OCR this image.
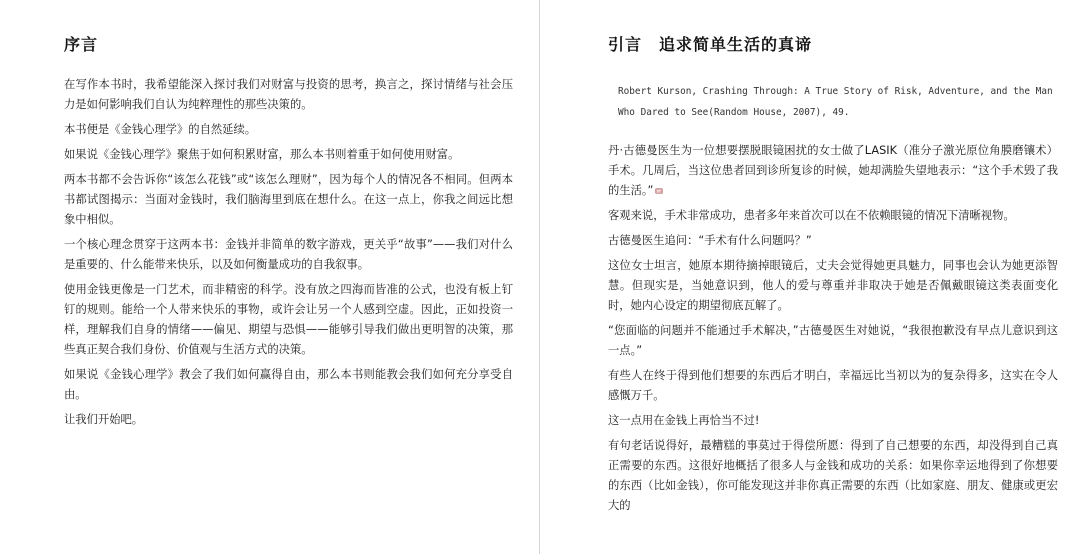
序言

在写作本书时，我希望能深入探讨我们对财富与投资的思考，换言之，探讨情绪与社会压力是如何影响我们自认为纯粹理性的那些决策的。

本书便是《金钱心理学》的自然延续。

如果说《金钱心理学》聚焦于如何积累财富，那么本书则着重于如何使用财富。

两本书都不会告诉你“该怎么花钱”或“该怎么理财”，因为每个人的情况各不相同。但两本书都试图揭示：当面对金钱时，我们脑海里到底在想什么。在这一点上，你我之间远比想象中相似。

一个核心理念贯穿于这两本书：金钱并非简单的数字游戏，更关乎“故事”——我们对什么是重要的、什么能带来快乐，以及如何衡量成功的自我叙事。

使用金钱更像是一门艺术，而非精密的科学。没有放之四海而皆准的公式，也没有板上钉钉的规则。能给一个人带来快乐的事物，或许会让另一个人感到空虚。因此，正如投资一样，理解我们自身的情绪——偏见、期望与恐惧——能够引导我们做出更明智的决策，那些真正契合我们身份、价值观与生活方式的决策。

如果说《金钱心理学》教会了我们如何赢得自由，那么本书则能教会我们如何充分享受自由。

让我们开始吧。

引言　追求简单生活的真谛

Robert Kurson, Crashing Through: A True Story of Risk, Adventure, and the Man Who Dared to See(Random House, 2007), 49.

丹·古德曼医生为一位想要摆脱眼镜困扰的女士做了LASIK（准分子激光原位角膜磨镶术）手术。几周后，当这位患者回到诊所复诊的时候，她却满脸失望地表示：“这个手术毁了我的生活。”

客观来说，手术非常成功，患者多年来首次可以在不依赖眼镜的情况下清晰视物。

古德曼医生追问：“手术有什么问题吗？”

这位女士坦言，她原本期待摘掉眼镜后，丈夫会觉得她更具魅力，同事也会认为她更添智慧。但现实是，当她意识到，他人的爱与尊重并非取决于她是否佩戴眼镜这类表面变化时，她内心设定的期望彻底瓦解了。

“您面临的问题并不能通过手术解决，”古德曼医生对她说，“我很抱歉没有早点儿意识到这一点。”

有些人在终于得到他们想要的东西后才明白，幸福远比当初以为的复杂得多，这实在令人感慨万千。

这一点用在金钱上再恰当不过!

有句老话说得好，最糟糕的事莫过于得偿所愿：得到了自己想要的东西，却没得到自己真正需要的东西。这很好地概括了很多人与金钱和成功的关系：如果你幸运地得到了你想要的东西（比如金钱），你可能发现这并非你真正需要的东西（比如家庭、朋友、健康或更宏大的
